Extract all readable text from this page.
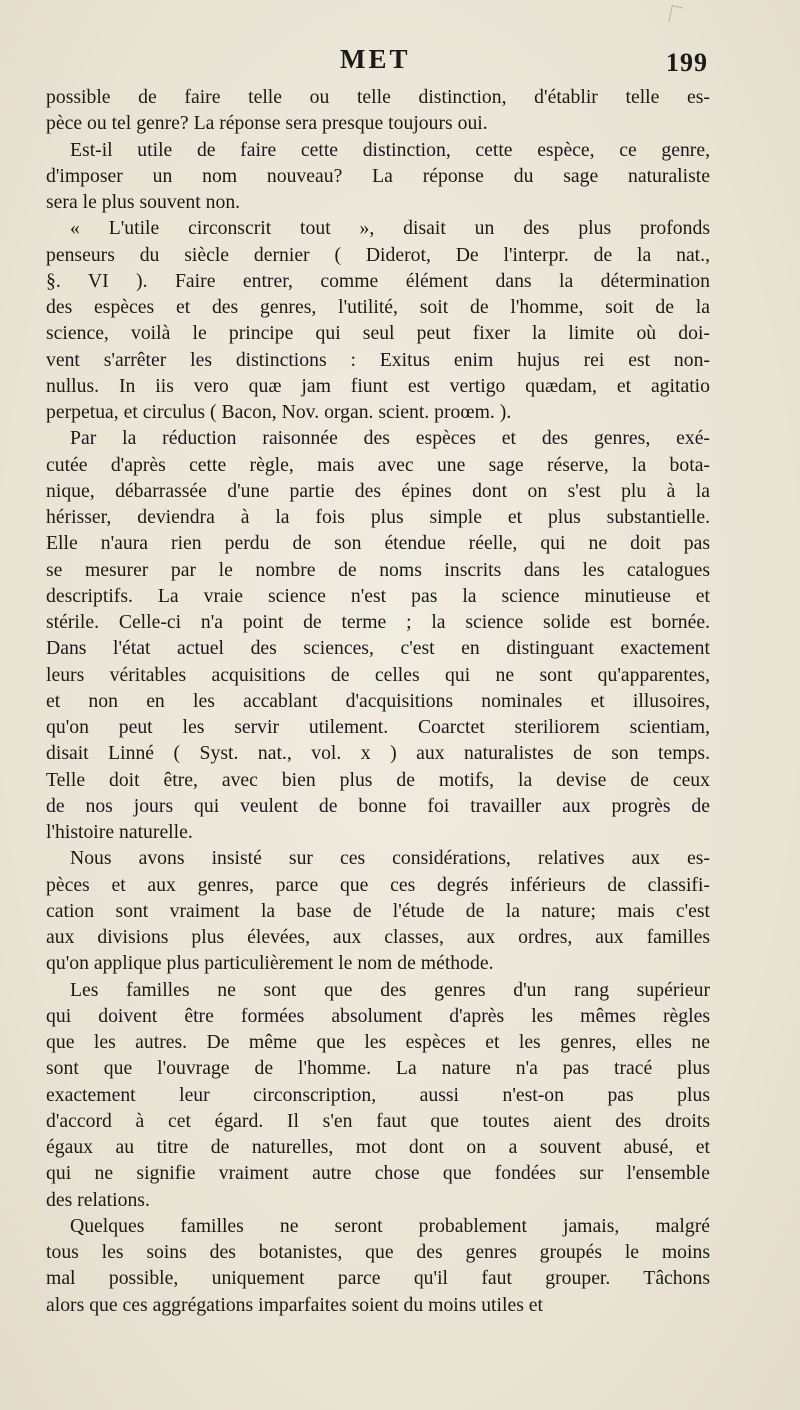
MET	199
possible de faire telle ou telle distinction, d'établir telle es-
pèce ou tel genre? La réponse sera presque toujours oui.
Est-il utile de faire cette distinction, cette espèce, ce genre,
d'imposer un nom nouveau? La réponse du sage naturaliste
sera le plus souvent non.
« L'utile circonscrit tout », disait un des plus profonds
penseurs du siècle dernier ( Diderot, De l'interpr. de la nat.,
§. VI ). Faire entrer, comme élément dans la détermination
des espèces et des genres, l'utilité, soit de l'homme, soit de la
science, voilà le principe qui seul peut fixer la limite où doi-
vent s'arrêter les distinctions : Exitus enim hujus rei est non-
nullus. In iis vero quæ jam fiunt est vertigo quædam, et agitatio
perpetua, et circulus ( Bacon, Nov. organ. scient. proœm. ).
Par la réduction raisonnée des espèces et des genres, exé-
cutée d'après cette règle, mais avec une sage réserve, la bota-
nique, débarrassée d'une partie des épines dont on s'est plu à la
hérisser, deviendra à la fois plus simple et plus substantielle.
Elle n'aura rien perdu de son étendue réelle, qui ne doit pas
se mesurer par le nombre de noms inscrits dans les catalogues
descriptifs. La vraie science n'est pas la science minutieuse et
stérile. Celle-ci n'a point de terme ; la science solide est bornée.
Dans l'état actuel des sciences, c'est en distinguant exactement
leurs véritables acquisitions de celles qui ne sont qu'apparentes,
et non en les accablant d'acquisitions nominales et illusoires,
qu'on peut les servir utilement. Coarctet steriliorem scientiam,
disait Linné ( Syst. nat., vol. x ) aux naturalistes de son temps.
Telle doit être, avec bien plus de motifs, la devise de ceux
de nos jours qui veulent de bonne foi travailler aux progrès de
l'histoire naturelle.
Nous avons insisté sur ces considérations, relatives aux es-
pèces et aux genres, parce que ces degrés inférieurs de classifi-
cation sont vraiment la base de l'étude de la nature; mais c'est
aux divisions plus élevées, aux classes, aux ordres, aux familles
qu'on applique plus particulièrement le nom de méthode.
Les familles ne sont que des genres d'un rang supérieur
qui doivent être formées absolument d'après les mêmes règles
que les autres. De même que les espèces et les genres, elles ne
sont que l'ouvrage de l'homme. La nature n'a pas tracé plus
exactement leur circonscription, aussi n'est-on pas plus
d'accord à cet égard. Il s'en faut que toutes aient des droits
égaux au titre de naturelles, mot dont on a souvent abusé, et
qui ne signifie vraiment autre chose que fondées sur l'ensemble
des relations.
Quelques familles ne seront probablement jamais, malgré
tous les soins des botanistes, que des genres groupés le moins
mal possible, uniquement parce qu'il faut grouper. Tâchons
alors que ces aggrégations imparfaites soient du moins utiles et
